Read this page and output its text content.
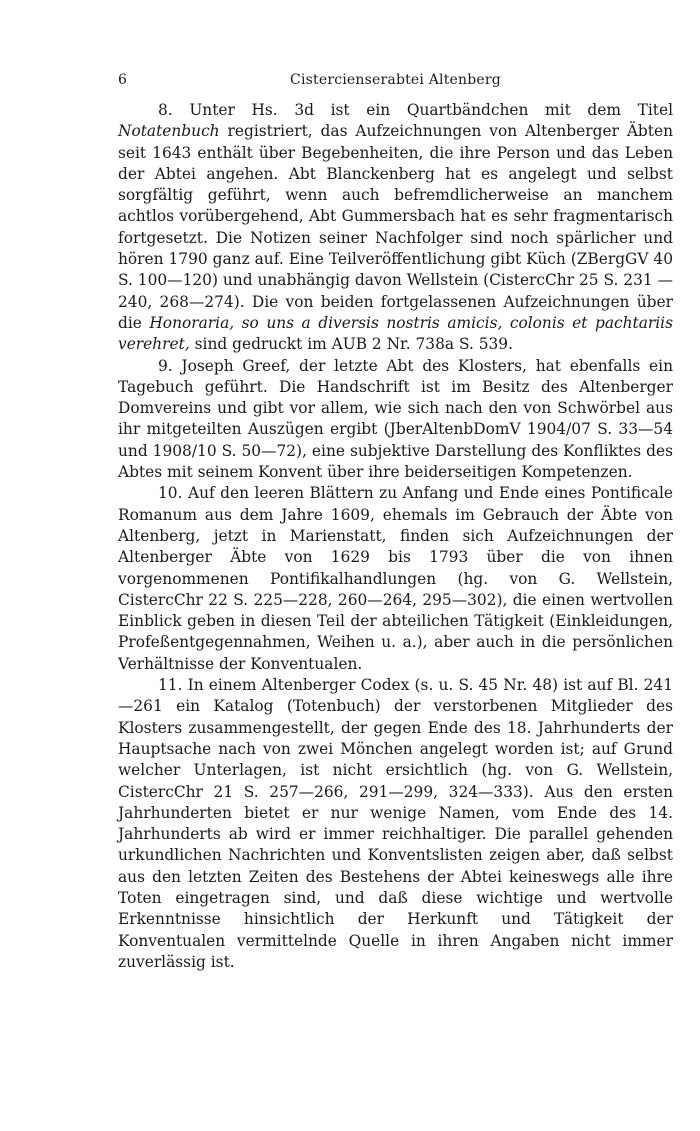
6	Cistercienserabtei Altenberg

8. Unter Hs. 3d ist ein Quartbändchen mit dem Titel Notatenbuch registriert, das Aufzeichnungen von Altenberger Äbten seit 1643 enthält über Begebenheiten, die ihre Person und das Leben der Abtei angehen. Abt Blanckenberg hat es angelegt und selbst sorgfältig geführt, wenn auch befremdlicherweise an manchem achtlos vorübergehend, Abt Gummersbach hat es sehr fragmentarisch fortgesetzt. Die Notizen seiner Nachfolger sind noch spärlicher und hören 1790 ganz auf. Eine Teilveröffentlichung gibt Küch (ZBergGV 40 S. 100—120) und unabhängig davon Wellstein (CistercChr 25 S. 231 —240, 268—274). Die von beiden fortgelassenen Aufzeichnungen über die Honoraria, so uns a diversis nostris amicis, colonis et pachtariis verehret, sind gedruckt im AUB 2 Nr. 738a S. 539.

9. Joseph Greef, der letzte Abt des Klosters, hat ebenfalls ein Tagebuch geführt. Die Handschrift ist im Besitz des Altenberger Domvereins und gibt vor allem, wie sich nach den von Schwörbel aus ihr mitgeteilten Auszügen ergibt (JberAltenbDomV 1904/07 S. 33—54 und 1908/10 S. 50—72), eine subjektive Darstellung des Konfliktes des Abtes mit seinem Konvent über ihre beiderseitigen Kompetenzen.

10. Auf den leeren Blättern zu Anfang und Ende eines Pontificale Romanum aus dem Jahre 1609, ehemals im Gebrauch der Äbte von Altenberg, jetzt in Marienstatt, finden sich Aufzeichnungen der Altenberger Äbte von 1629 bis 1793 über die von ihnen vorgenommenen Pontifikalhandlungen (hg. von G. Wellstein, CistercChr 22 S. 225—228, 260—264, 295—302), die einen wertvollen Einblick geben in diesen Teil der abteilichen Tätigkeit (Einkleidungen, Profeßentgegennahmen, Weihen u. a.), aber auch in die persönlichen Verhältnisse der Konventualen.

11. In einem Altenberger Codex (s. u. S. 45 Nr. 48) ist auf Bl. 241—261 ein Katalog (Totenbuch) der verstorbenen Mitglieder des Klosters zusammengestellt, der gegen Ende des 18. Jahrhunderts der Hauptsache nach von zwei Mönchen angelegt worden ist; auf Grund welcher Unterlagen, ist nicht ersichtlich (hg. von G. Wellstein, CistercChr 21 S. 257—266, 291—299, 324—333). Aus den ersten Jahrhunderten bietet er nur wenige Namen, vom Ende des 14. Jahrhunderts ab wird er immer reichhaltiger. Die parallel gehenden urkundlichen Nachrichten und Konventslisten zeigen aber, daß selbst aus den letzten Zeiten des Bestehens der Abtei keineswegs alle ihre Toten eingetragen sind, und daß diese wichtige und wertvolle Erkenntnisse hinsichtlich der Herkunft und Tätigkeit der Konventualen vermittelnde Quelle in ihren Angaben nicht immer zuverlässig ist.
